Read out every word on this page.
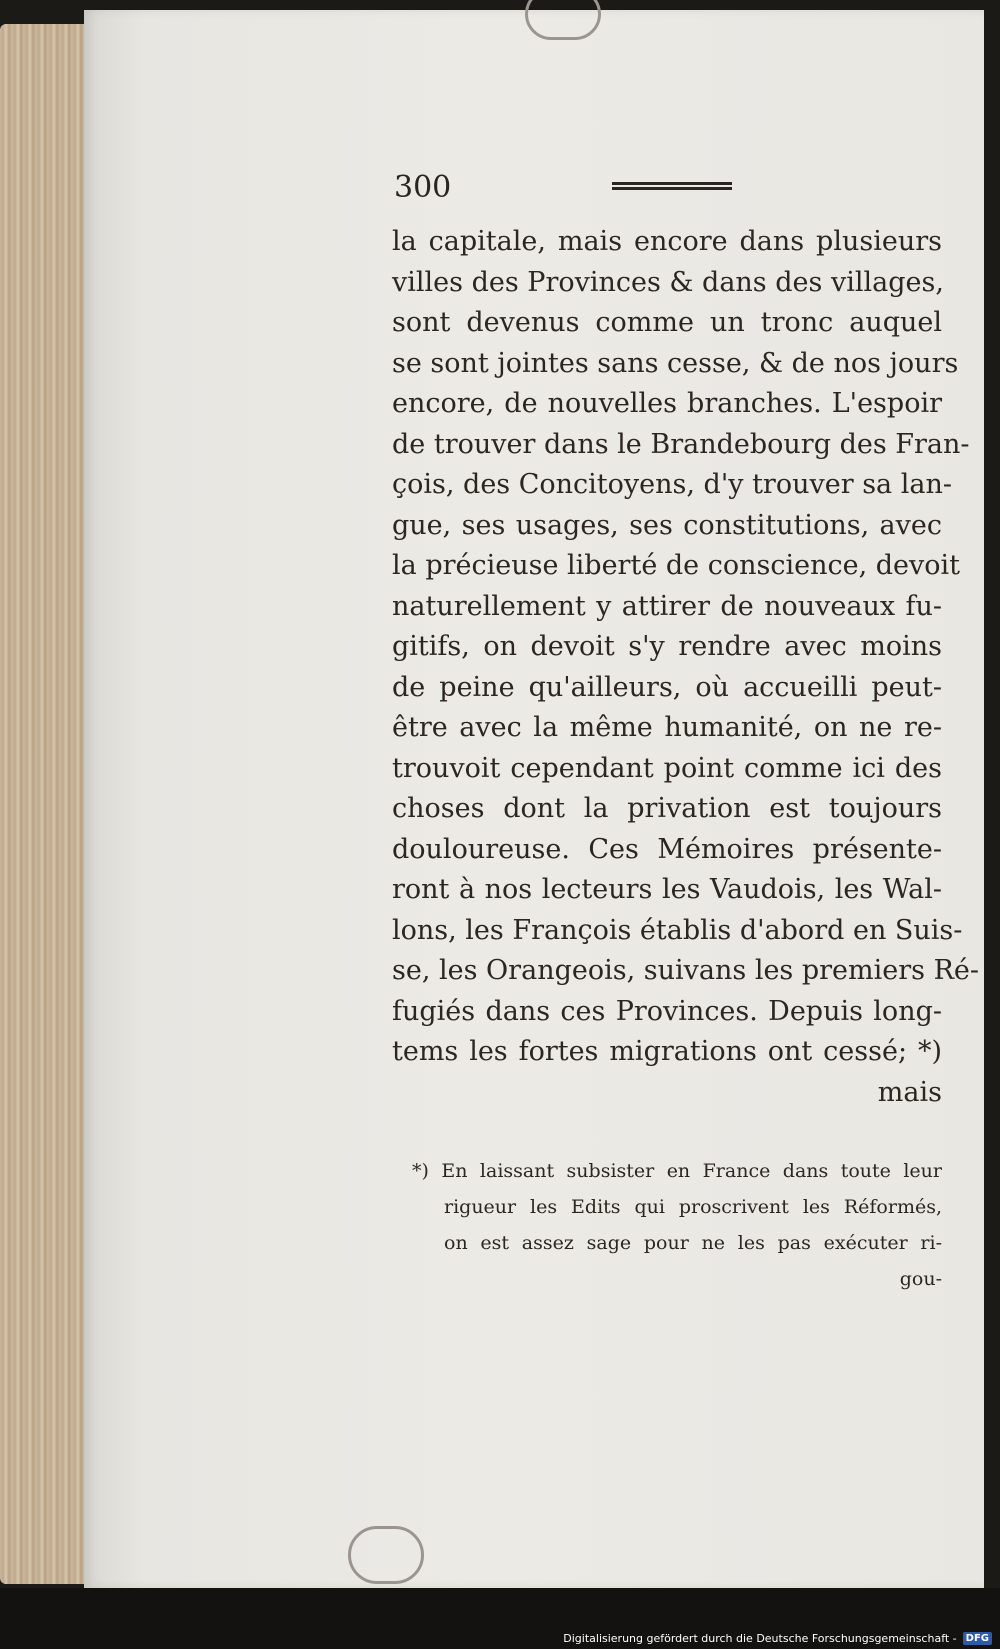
300
la capitale, mais encore dans plusieurs
villes des Provinces & dans des villages,
sont devenus comme un tronc auquel
se sont jointes sans cesse, & de nos jours
encore, de nouvelles branches. L'espoir
de trouver dans le Brandebourg des Fran-
çois, des Concitoyens, d'y trouver sa lan-
gue, ses usages, ses constitutions, avec
la précieuse liberté de conscience, devoit
naturellement y attirer de nouveaux fu-
gitifs, on devoit s'y rendre avec moins
de peine qu'ailleurs, où accueilli peut-
être avec la même humanité, on ne re-
trouvoit cependant point comme ici des
choses dont la privation est toujours
douloureuse. Ces Mémoires présente-
ront à nos lecteurs les Vaudois, les Wal-
lons, les François établis d'abord en Suis-
se, les Orangeois, suivans les premiers Ré-
fugiés dans ces Provinces. Depuis long-
tems les fortes migrations ont cessé; *)
mais
*) En laissant subsister en France dans toute leur
rigueur les Edits qui proscrivent les Réformés,
on est assez sage pour ne les pas exécuter ri-
gou-
Digitalisierung gefördert durch die Deutsche Forschungsgemeinschaft - DFG
